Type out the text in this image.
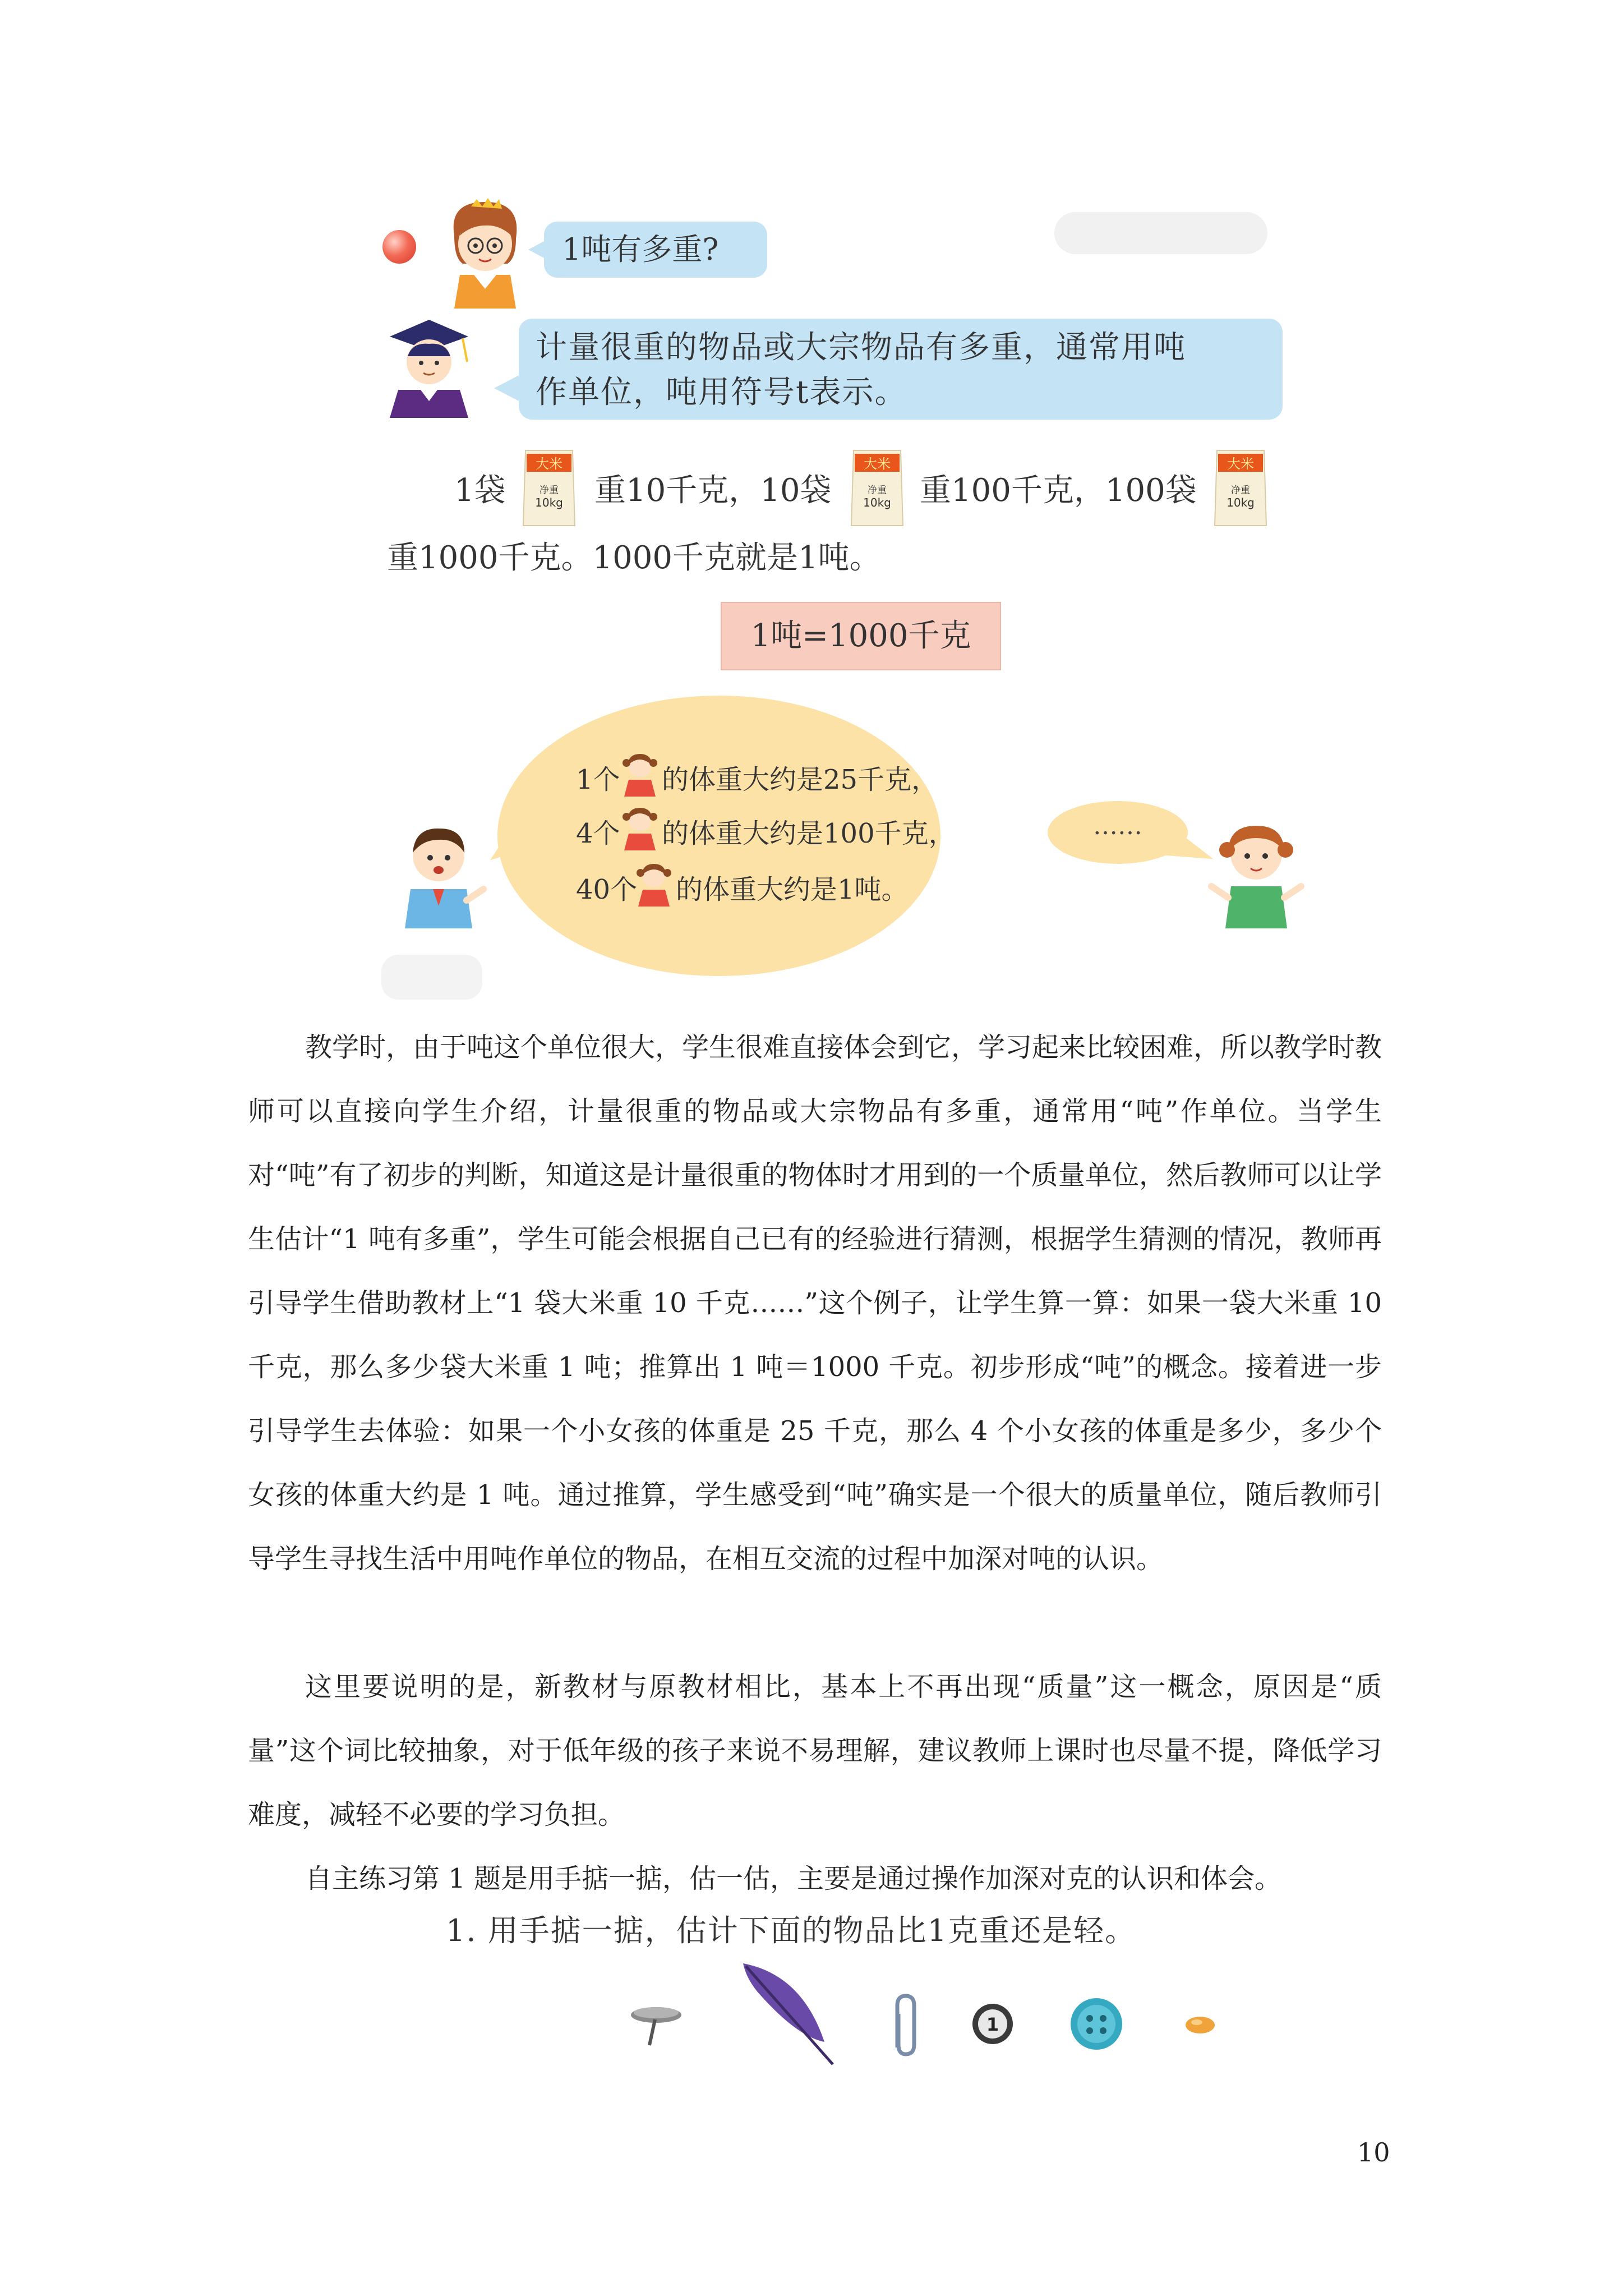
1吨有多重?
计量很重的物品或大宗物品有多重，通常用吨
作单位，吨用符号t表示。
1袋	重10千克，10袋	重100千克，100袋
重1000千克。1000千克就是1吨。
大米
净重
10kg
大米
净重
10kg
大米
净重
10kg
1吨=1000千克
1个 的体重大约是25千克，
4个 的体重大约是100千克，
40个 的体重大约是1吨。
……
教学时，由于吨这个单位很大，学生很难直接体会到它，学习起来比较困难，所以教学时教师可以直接向学生介绍，计量很重的物品或大宗物品有多重，通常用“吨”作单位。当学生对“吨”有了初步的判断，知道这是计量很重的物体时才用到的一个质量单位，然后教师可以让学生估计“1 吨有多重”，学生可能会根据自己已有的经验进行猜测，根据学生猜测的情况，教师再引导学生借助教材上“1 袋大米重 10 千克……”这个例子，让学生算一算：如果一袋大米重 10 千克，那么多少袋大米重 1 吨；推算出 1 吨＝1000 千克。初步形成“吨”的概念。接着进一步引导学生去体验：如果一个小女孩的体重是 25 千克，那么 4 个小女孩的体重是多少，多少个女孩的体重大约是 1 吨。通过推算，学生感受到“吨”确实是一个很大的质量单位，随后教师引导学生寻找生活中用吨作单位的物品，在相互交流的过程中加深对吨的认识。
这里要说明的是，新教材与原教材相比，基本上不再出现“质量”这一概念，原因是“质量”这个词比较抽象，对于低年级的孩子来说不易理解，建议教师上课时也尽量不提，降低学习难度，减轻不必要的学习负担。
自主练习第 1 题是用手掂一掂，估一估，主要是通过操作加深对克的认识和体会。
1. 用手掂一掂，估计下面的物品比1克重还是轻。
1
10
